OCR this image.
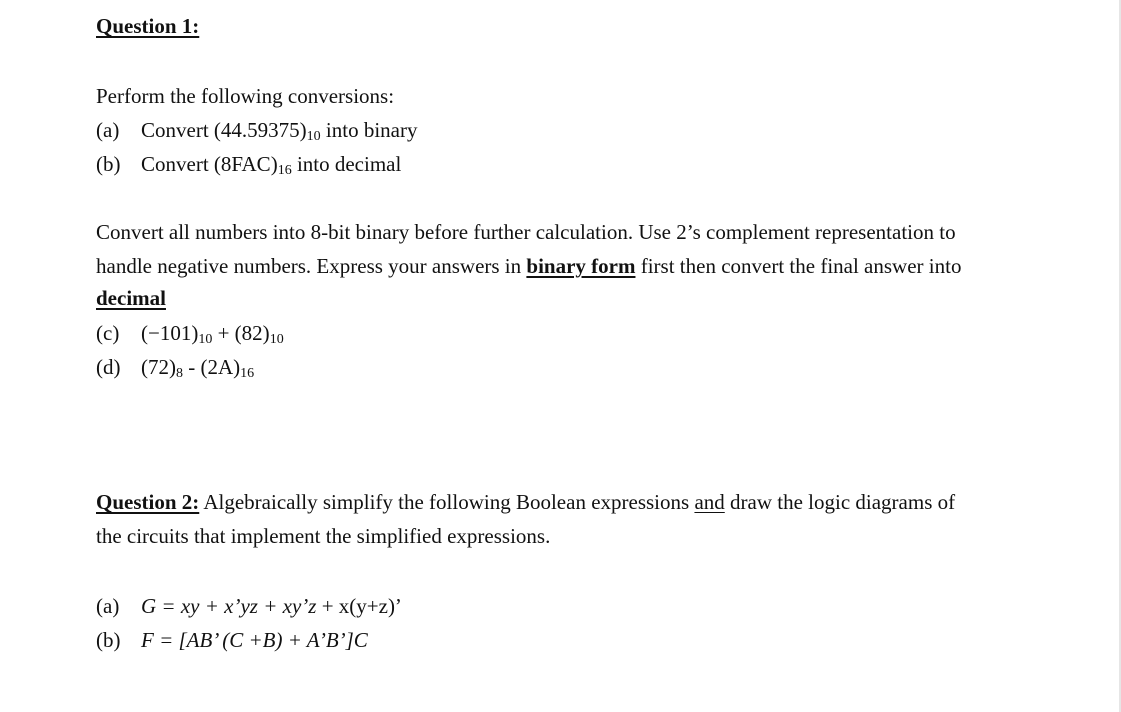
Question 1:
Perform the following conversions:
(a) Convert $(44.59375)_{10}$ into binary
(b) Convert $(8FAC)_{16}$ into decimal
Convert all numbers into 8-bit binary before further calculation. Use 2’s complement representation to
handle negative numbers. Express your answers in binary form first then convert the final answer into
decimal
(c) $(-101)_{10} + (82)_{10}$
(d) $(72)_8 - (2A)_{16}$
Question 2: Algebraically simplify the following Boolean expressions and draw the logic diagrams of
the circuits that implement the simplified expressions.
(a) G = xy + x’yz + xy’z + x(y+z)’
(b) F = [AB’ (C +B) + A’B’]C
